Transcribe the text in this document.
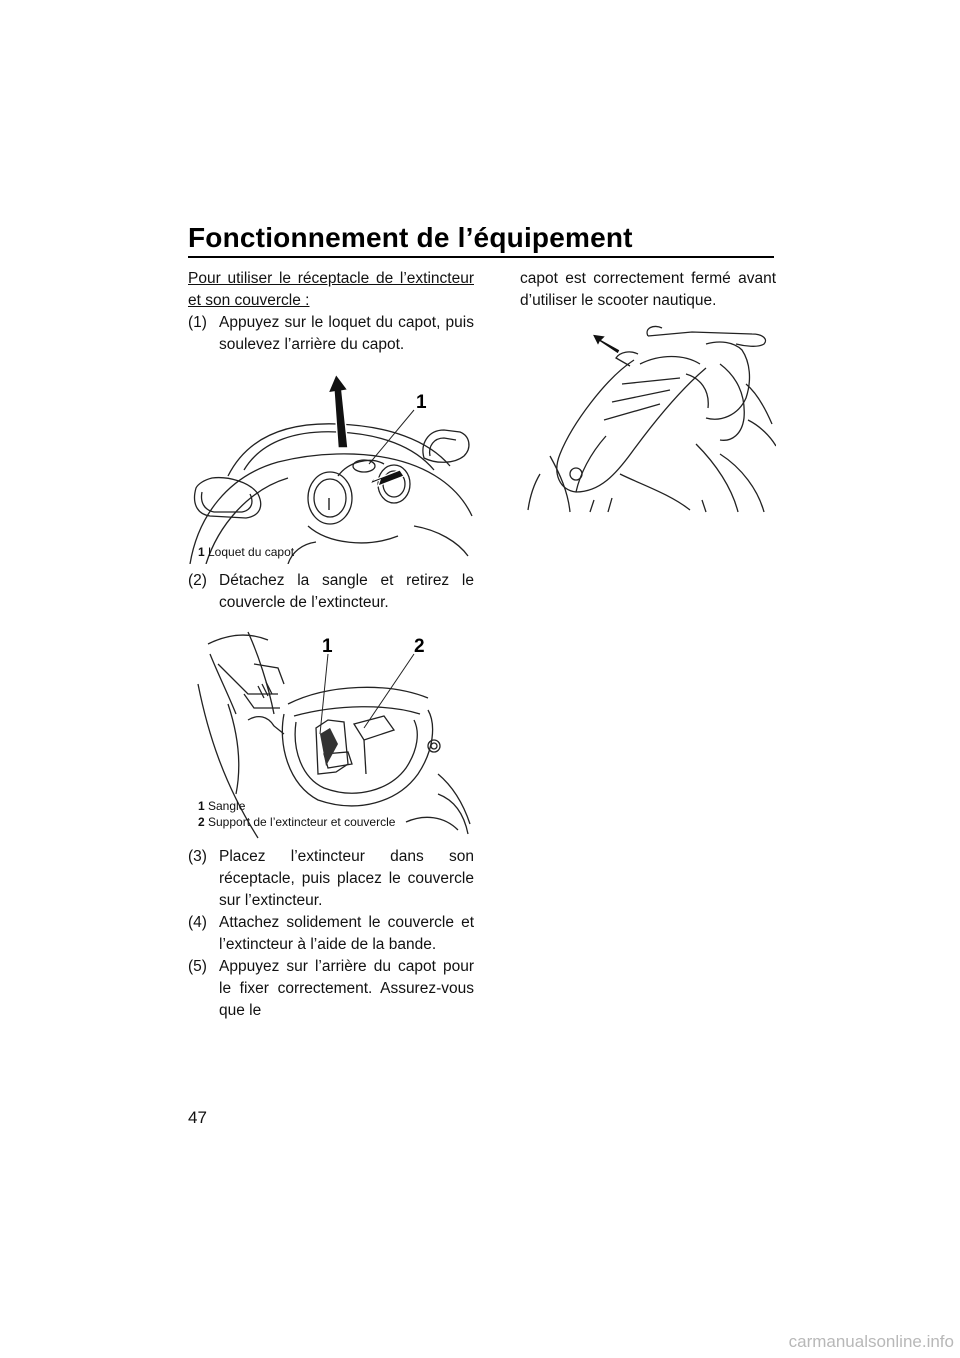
Fonctionnement de l’équipement

Pour utiliser le réceptacle de l’extincteur et son couvercle :

(1) Appuyez sur le loquet du capot, puis soulevez l’arrière du capot.
1
1 Loquet du capot
(2) Détachez la sangle et retirez le couvercle de l’extincteur.
1	2
1 Sangle
2 Support de l’extincteur et couvercle
(3) Placez l’extincteur dans son réceptacle, puis placez le couvercle sur l’extincteur.
(4) Attachez solidement le couvercle et l’extincteur à l’aide de la bande.
(5) Appuyez sur l’arrière du capot pour le fixer correctement. Assurez-vous que le

capot est correctement fermé avant d’utiliser le scooter nautique.

47
carmanualsonline.info
